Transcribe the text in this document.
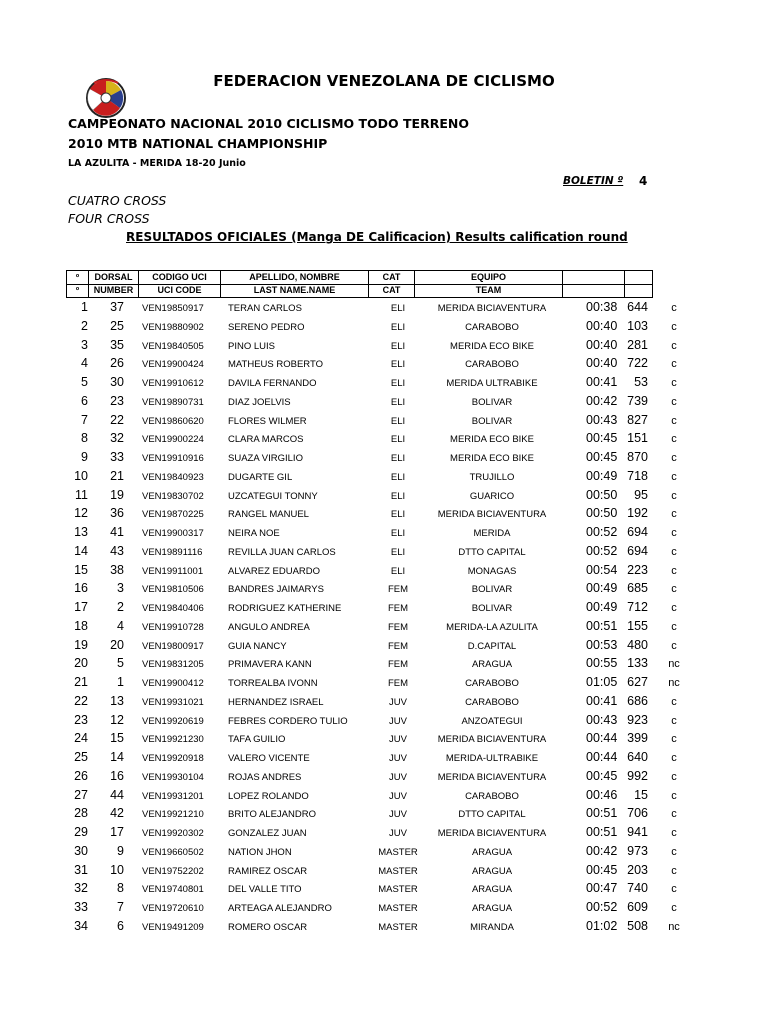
FEDERACION VENEZOLANA DE CICLISMO
CAMPEONATO NACIONAL 2010 CICLISMO TODO TERRENO
2010 MTB NATIONAL CHAMPIONSHIP
LA AZULITA - MERIDA 18-20 Junio
BOLETIN º 4
CUATRO CROSS
FOUR CROSS
RESULTADOS OFICIALES (Manga DE Calificacion) Results calification round
º	DORSAL	CODIGO UCI	APELLIDO, NOMBRE	CAT	EQUIPO		
º	NUMBER	UCI CODE	LAST NAME.NAME	CAT	TEAM		
1	37 VEN19850917	TERAN CARLOS	ELI	MERIDA BICIAVENTURA	00:38 644	c
2	25 VEN19880902	SERENO PEDRO	ELI	CARABOBO	00:40 103	c
3	35 VEN19840505	PINO LUIS	ELI	MERIDA ECO BIKE	00:40 281	c
4	26 VEN19900424	MATHEUS ROBERTO	ELI	CARABOBO	00:40 722	c
5	30 VEN19910612	DAVILA FERNANDO	ELI	MERIDA ULTRABIKE	00:41	53	c
6	23 VEN19890731	DIAZ JOELVIS	ELI	BOLIVAR	00:42 739	c
7	22 VEN19860620	FLORES WILMER	ELI	BOLIVAR	00:43 827	c
8	32 VEN19900224	CLARA MARCOS	ELI	MERIDA ECO BIKE	00:45 151	c
9	33 VEN19910916	SUAZA VIRGILIO	ELI	MERIDA ECO BIKE	00:45 870	c
10	21 VEN19840923	DUGARTE GIL	ELI	TRUJILLO	00:49 718	c
11	19 VEN19830702	UZCATEGUI TONNY	ELI	GUARICO	00:50	95	c
12	36 VEN19870225	RANGEL MANUEL	ELI	MERIDA BICIAVENTURA	00:50 192	c
13	41 VEN19900317	NEIRA NOE	ELI	MERIDA	00:52 694	c
14	43 VEN19891116	REVILLA JUAN CARLOS	ELI	DTTO CAPITAL	00:52 694	c
15	38 VEN19911001	ALVAREZ EDUARDO	ELI	MONAGAS	00:54 223	c
16	3 VEN19810506	BANDRES JAIMARYS	FEM	BOLIVAR	00:49 685	c
17	2 VEN19840406	RODRIGUEZ KATHERINE	FEM	BOLIVAR	00:49 712	c
18	4 VEN19910728	ANGULO ANDREA	FEM	MERIDA-LA AZULITA	00:51 155	c
19	20 VEN19800917	GUIA NANCY	FEM	D.CAPITAL	00:53 480	c
20	5 VEN19831205	PRIMAVERA KANN	FEM	ARAGUA	00:55 133	nc
21	1 VEN19900412	TORREALBA IVONN	FEM	CARABOBO	01:05 627	nc
22	13 VEN19931021	HERNANDEZ ISRAEL	JUV	CARABOBO	00:41 686	c
23	12 VEN19920619	FEBRES CORDERO TULIO	JUV	ANZOATEGUI	00:43 923	c
24	15 VEN19921230	TAFA GUILIO	JUV	MERIDA BICIAVENTURA	00:44 399	c
25	14 VEN19920918	VALERO VICENTE	JUV	MERIDA-ULTRABIKE	00:44 640	c
26	16 VEN19930104	ROJAS ANDRES	JUV	MERIDA BICIAVENTURA	00:45 992	c
27	44 VEN19931201	LOPEZ ROLANDO	JUV	CARABOBO	00:46	15	c
28	42 VEN19921210	BRITO ALEJANDRO	JUV	DTTO CAPITAL	00:51 706	c
29	17 VEN19920302	GONZALEZ JUAN	JUV	MERIDA BICIAVENTURA	00:51 941	c
30	9 VEN19660502	NATION JHON	MASTER	ARAGUA	00:42 973	c
31	10 VEN19752202	RAMIREZ OSCAR	MASTER	ARAGUA	00:45 203	c
32	8 VEN19740801	DEL VALLE TITO	MASTER	ARAGUA	00:47 740	c
33	7 VEN19720610	ARTEAGA ALEJANDRO	MASTER	ARAGUA	00:52 609	c
34	6 VEN19491209	ROMERO OSCAR	MASTER	MIRANDA	01:02 508	nc
